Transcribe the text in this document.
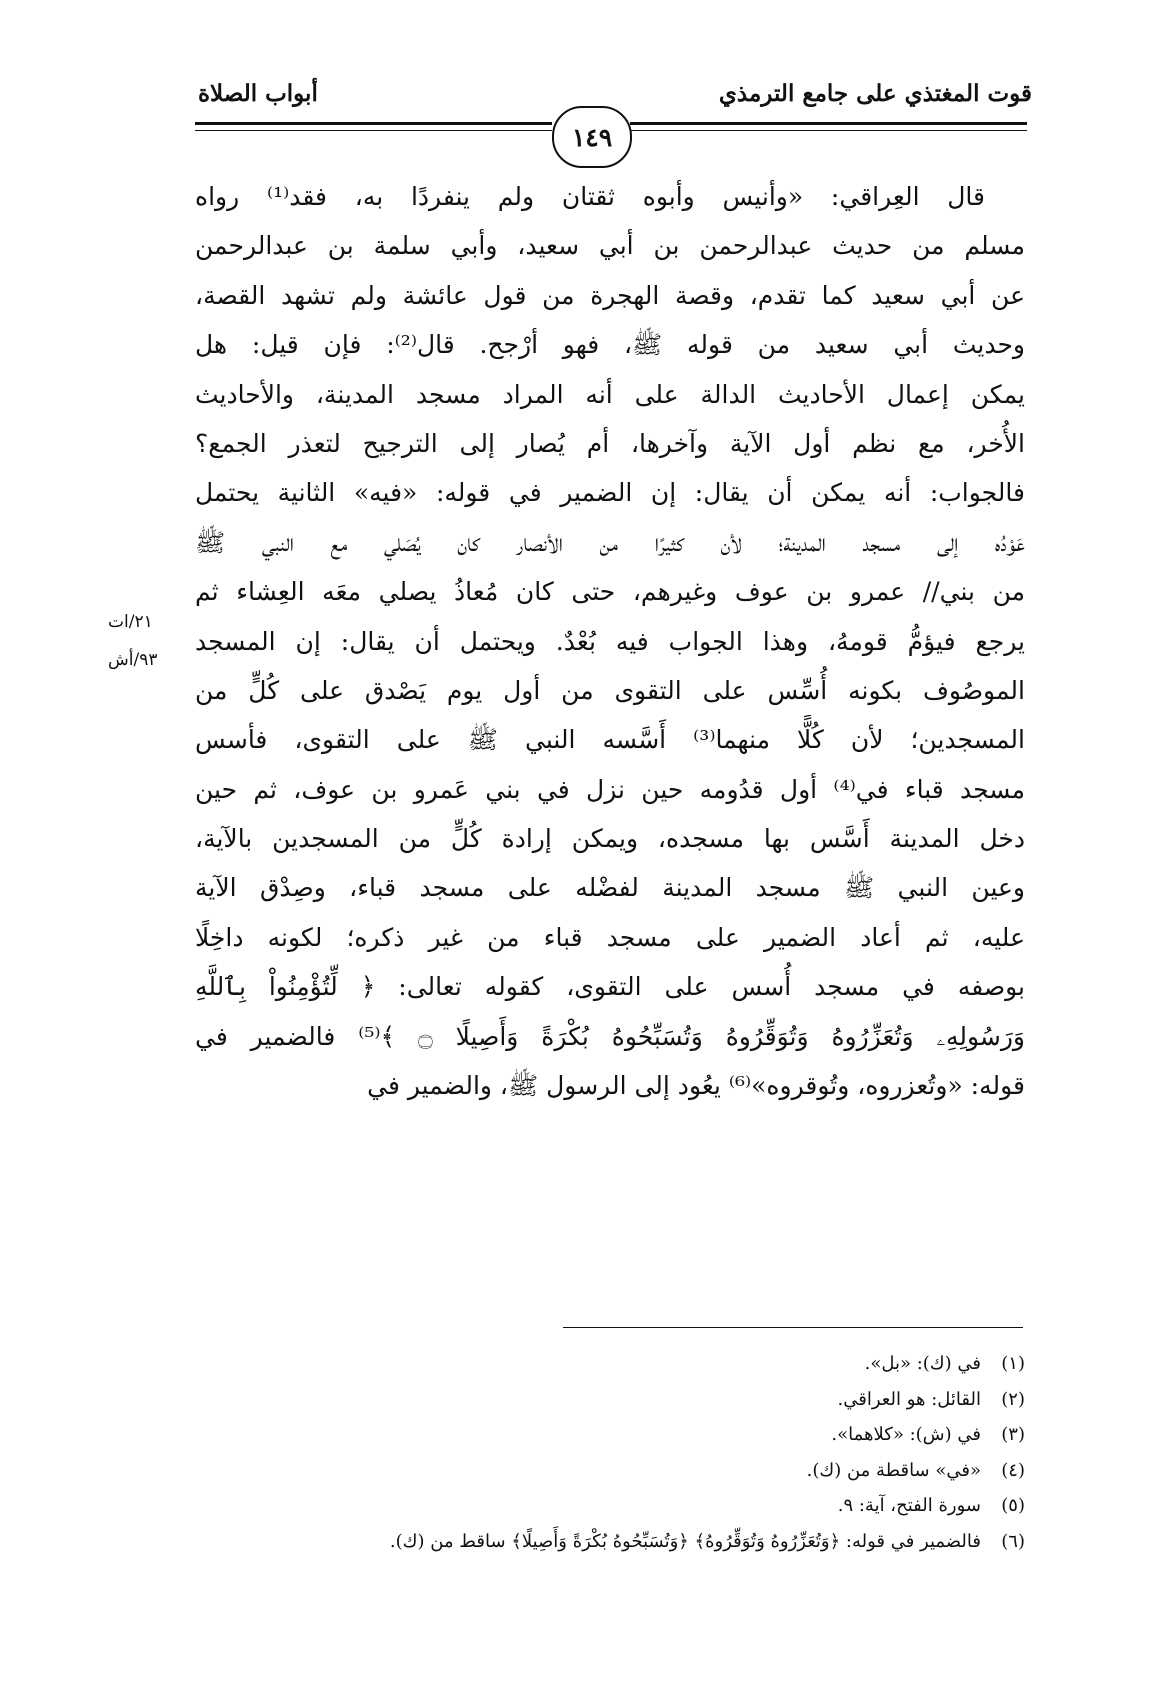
قوت المغتذي على جامع الترمذي
أبواب الصلاة
١٤٩
قال العِراقي: «وأنيس وأبوه ثقتان ولم ينفردًا به، فقد⁽¹⁾ رواه
مسلم من حديث عبدالرحمن بن أبي سعيد، وأبي سلمة بن عبدالرحمن
عن أبي سعيد كما تقدم، وقصة الهجرة من قول عائشة ولم تشهد القصة،
وحديث أبي سعيد من قوله ﷺ، فهو أرْجح. قال⁽²⁾: فإن قيل: هل
يمكن إعمال الأحاديث الدالة على أنه المراد مسجد المدينة، والأحاديث
الأُخر، مع نظم أول الآية وآخرها، أم يُصار إلى الترجيح لتعذر الجمع؟
فالجواب: أنه يمكن أن يقال: إن الضمير في قوله: «فيه» الثانية يحتمل
عَوْدُه إلى مسجد المدينة؛ لأن كثيرًا من الأنصار كان يُصَلي مع النبي ﷺ
من بني// عمرو بن عوف وغيرهم، حتى كان مُعاذُ يصلي معَه العِشاء ثم
يرجع فيؤمُّ قومهُ، وهذا الجواب فيه بُعْدٌ. ويحتمل أن يقال: إن المسجد
الموصُوف بكونه أُسِّس على التقوى من أول يوم يَصْدق على كُلٍّ من
المسجدين؛ لأن كُلًّا منهما⁽³⁾ أَسَّسه النبي ﷺ على التقوى، فأسس
مسجد قباء في⁽⁴⁾ أول قدُومه حين نزل في بني عَمرو بن عوف، ثم حين
دخل المدينة أَسَّس بها مسجده، ويمكن إرادة كُلٍّ من المسجدين بالآية،
وعين النبي ﷺ مسجد المدينة لفضْله على مسجد قباء، وصِدْق الآية
عليه، ثم أعاد الضمير على مسجد قباء من غير ذكره؛ لكونه داخِلًا
بوصفه في مسجد أُسس على التقوى، كقوله تعالى: ﴿ لِّتُؤْمِنُواْ بِٱللَّهِ
وَرَسُولِهِۦ وَتُعَزِّرُوهُ وَتُوَقِّرُوهُ وَتُسَبِّحُوهُ بُكْرَةً وَأَصِيلًا ۝ ﴾⁽⁵⁾ فالضمير في
قوله: «وتُعزروه، وتُوقروه»⁽⁶⁾ يعُود إلى الرسول ﷺ، والضمير في
٢١/ات
٩٣/أش
(١)في (ك): «بل».
(٢)القائل: هو العراقي.
(٣)في (ش): «كلاهما».
(٤)«في» ساقطة من (ك).
(٥)سورة الفتح، آية: ٩.
(٦)فالضمير في قوله: ﴿وَتُعَزِّرُوهُ وَتُوَقِّرُوهُ﴾ ﴿وَتُسَبِّحُوهُ بُكْرَةً وَأَصِيلًا﴾ ساقط من (ك).
